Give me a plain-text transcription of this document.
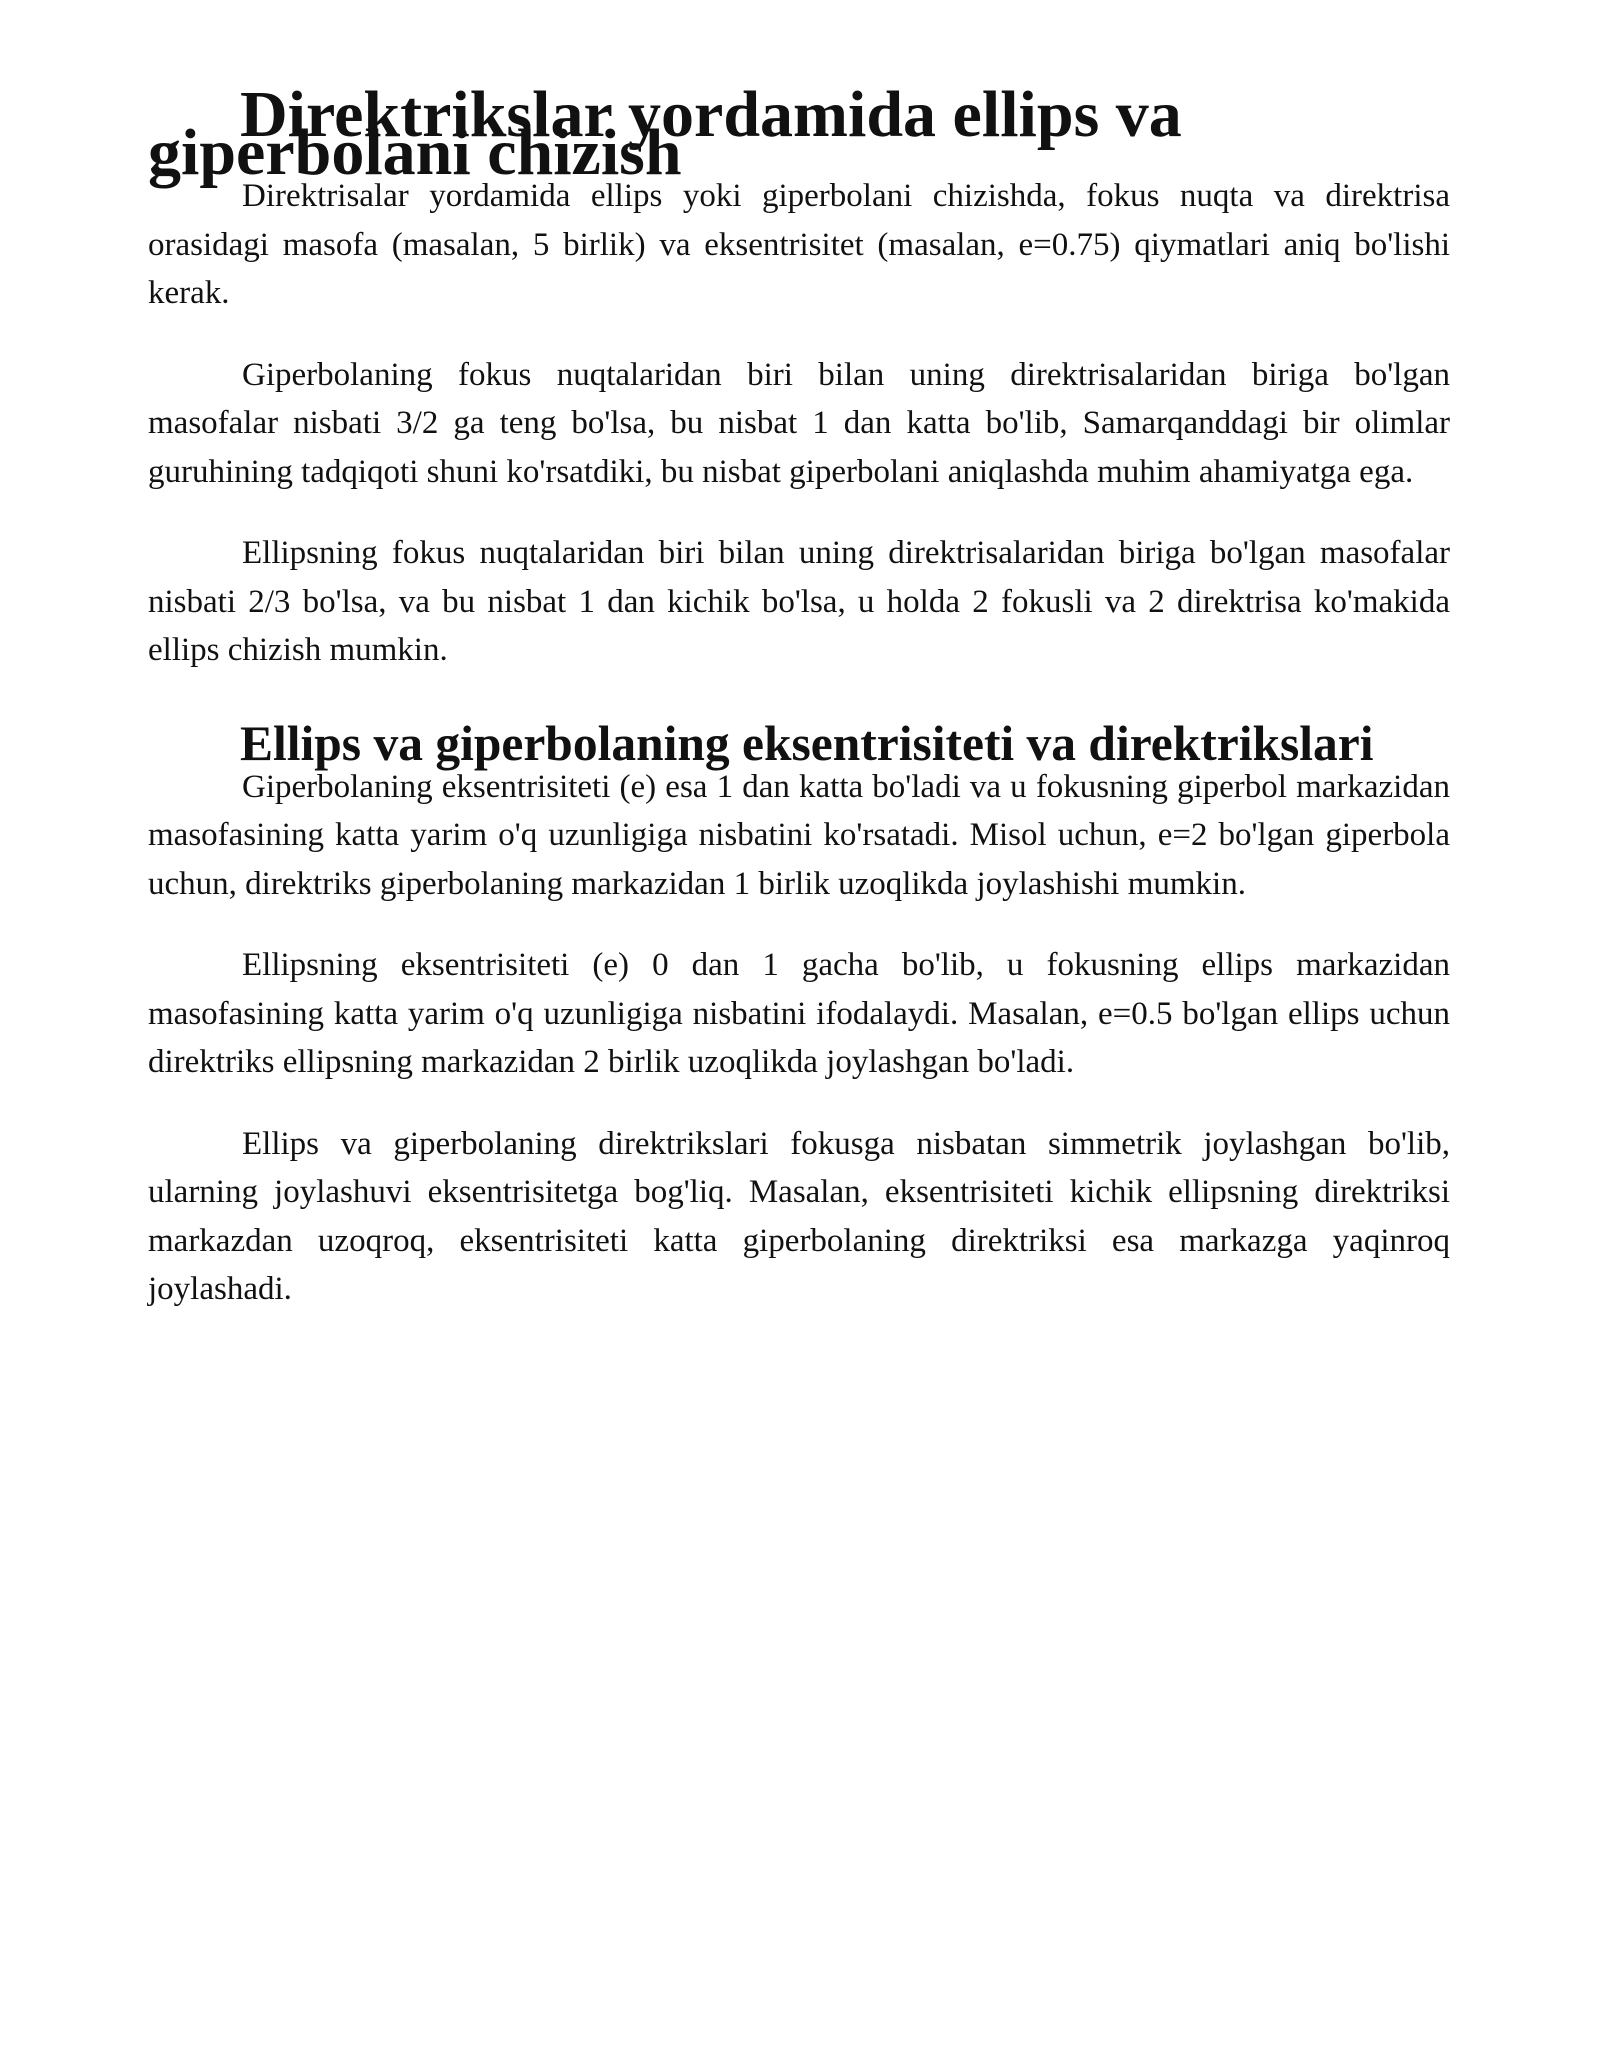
Direktrikslar yordamida ellips va giperbolani chizish

Direktrisalar yordamida ellips yoki giperbolani chizishda, fokus nuqta va direktrisa orasidagi masofa (masalan, 5 birlik) va eksentrisitet (masalan, e=0.75) qiymatlari aniq bo'lishi kerak.

Giperbolaning fokus nuqtalaridan biri bilan uning direktrisalaridan biriga bo'lgan masofalar nisbati 3/2 ga teng bo'lsa, bu nisbat 1 dan katta bo'lib, Samarqanddagi bir olimlar guruhining tadqiqoti shuni ko'rsatdiki, bu nisbat giperbolani aniqlashda muhim ahamiyatga ega.

Ellipsning fokus nuqtalaridan biri bilan uning direktrisalaridan biriga bo'lgan masofalar nisbati 2/3 bo'lsa, va bu nisbat 1 dan kichik bo'lsa, u holda 2 fokusli va 2 direktrisa ko'makida ellips chizish mumkin.

Ellips va giperbolaning eksentrisiteti va direktrikslari

Giperbolaning eksentrisiteti (e) esa 1 dan katta bo'ladi va u fokusning giperbol markazidan masofasining katta yarim o'q uzunligiga nisbatini ko'rsatadi. Misol uchun, e=2 bo'lgan giperbola uchun, direktriks giperbolaning markazidan 1 birlik uzoqlikda joylashishi mumkin.

Ellipsning eksentrisiteti (e) 0 dan 1 gacha bo'lib, u fokusning ellips markazidan masofasining katta yarim o'q uzunligiga nisbatini ifodalaydi. Masalan, e=0.5 bo'lgan ellips uchun direktriks ellipsning markazidan 2 birlik uzoqlikda joylashgan bo'ladi.

Ellips va giperbolaning direktrikslari fokusga nisbatan simmetrik joylashgan bo'lib, ularning joylashuvi eksentrisitetga bog'liq. Masalan, eksentrisiteti kichik ellipsning direktriksi markazdan uzoqroq, eksentrisiteti katta giperbolaning direktriksi esa markazga yaqinroq joylashadi.
